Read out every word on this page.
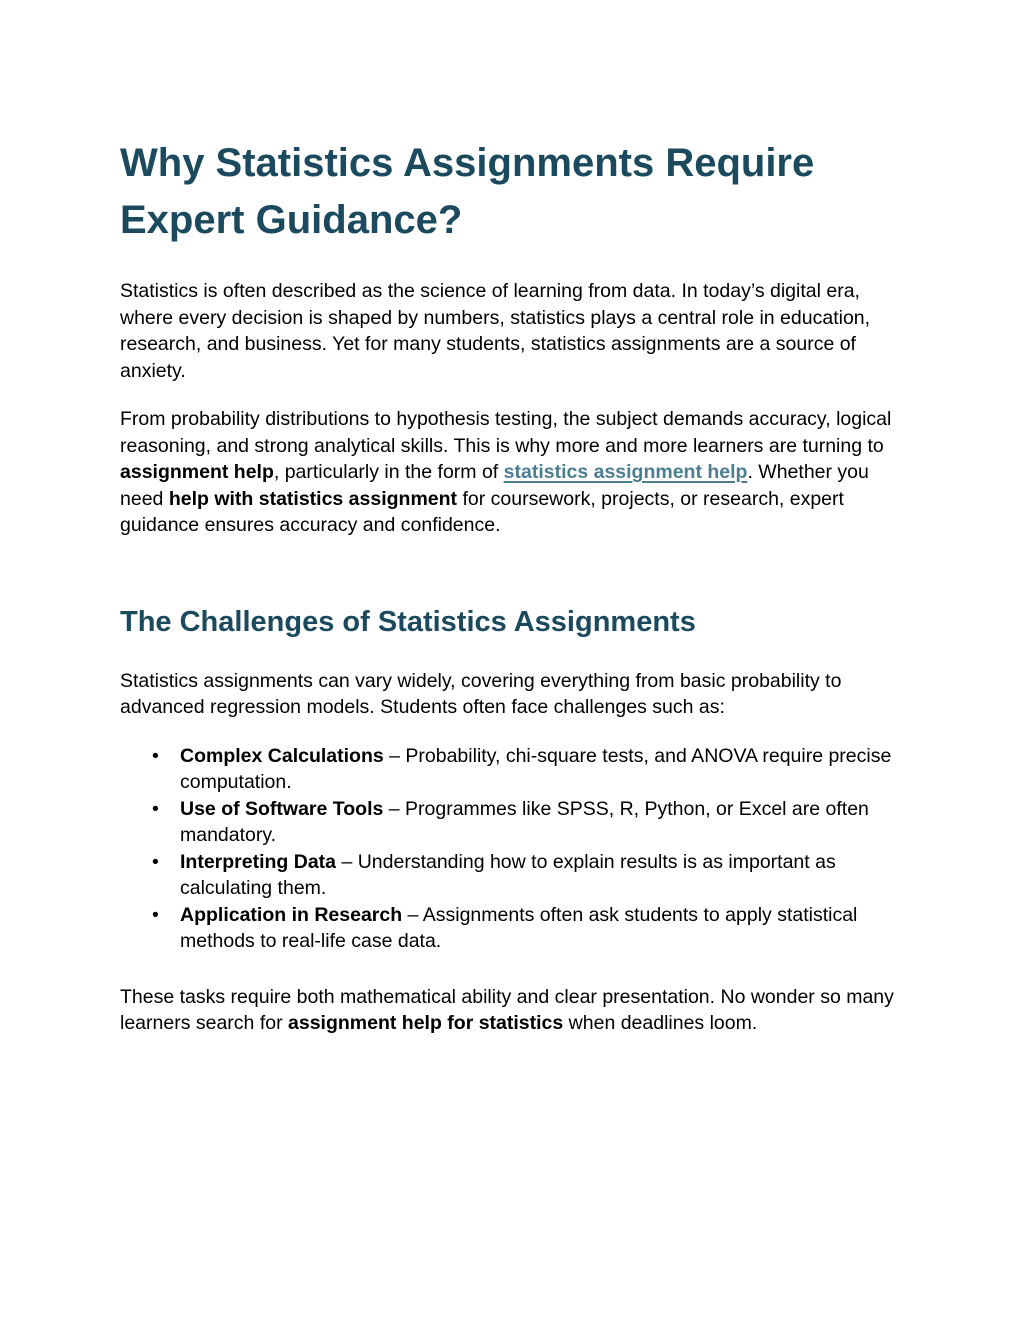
Why Statistics Assignments Require Expert Guidance?

Statistics is often described as the science of learning from data. In today’s digital era, where every decision is shaped by numbers, statistics plays a central role in education, research, and business. Yet for many students, statistics assignments are a source of anxiety.

From probability distributions to hypothesis testing, the subject demands accuracy, logical reasoning, and strong analytical skills. This is why more and more learners are turning to assignment help, particularly in the form of statistics assignment help. Whether you need help with statistics assignment for coursework, projects, or research, expert guidance ensures accuracy and confidence.

The Challenges of Statistics Assignments

Statistics assignments can vary widely, covering everything from basic probability to advanced regression models. Students often face challenges such as:

• Complex Calculations – Probability, chi-square tests, and ANOVA require precise computation.
• Use of Software Tools – Programmes like SPSS, R, Python, or Excel are often mandatory.
• Interpreting Data – Understanding how to explain results is as important as calculating them.
• Application in Research – Assignments often ask students to apply statistical methods to real-life case data.

These tasks require both mathematical ability and clear presentation. No wonder so many learners search for assignment help for statistics when deadlines loom.
